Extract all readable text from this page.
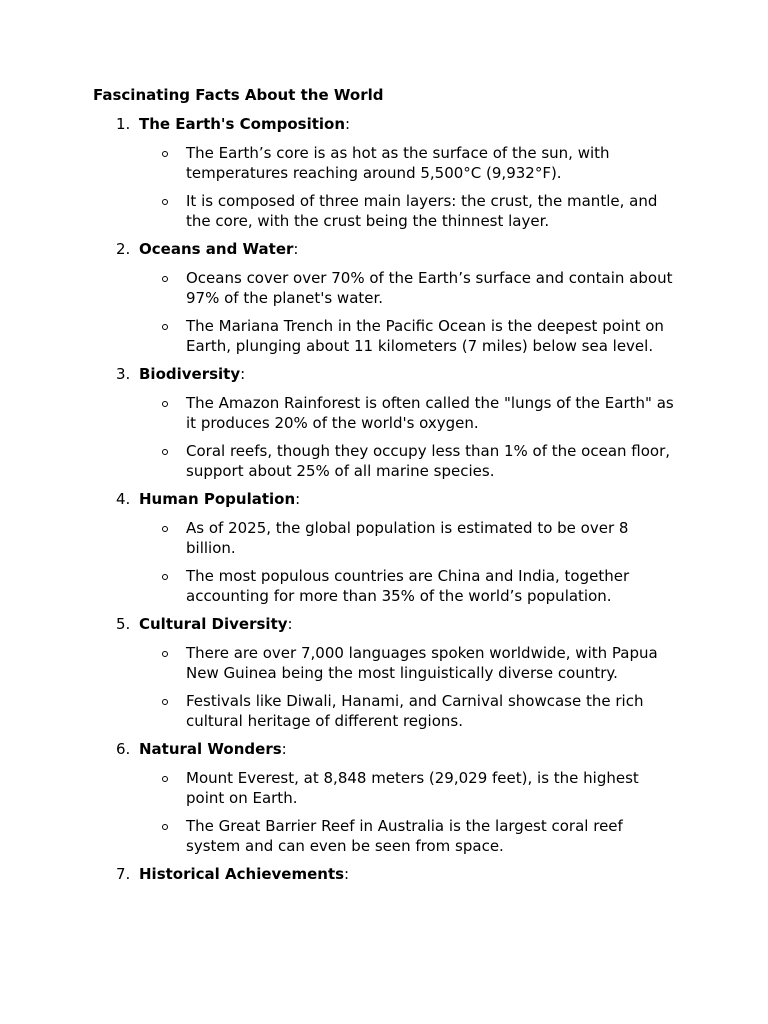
Fascinating Facts About the World

1. The Earth's Composition:
The Earth’s core is as hot as the surface of the sun, with temperatures reaching around 5,500°C (9,932°F).
It is composed of three main layers: the crust, the mantle, and the core, with the crust being the thinnest layer.
2. Oceans and Water:
Oceans cover over 70% of the Earth’s surface and contain about 97% of the planet's water.
The Mariana Trench in the Pacific Ocean is the deepest point on Earth, plunging about 11 kilometers (7 miles) below sea level.
3. Biodiversity:
The Amazon Rainforest is often called the "lungs of the Earth" as it produces 20% of the world's oxygen.
Coral reefs, though they occupy less than 1% of the ocean floor, support about 25% of all marine species.
4. Human Population:
As of 2025, the global population is estimated to be over 8 billion.
The most populous countries are China and India, together accounting for more than 35% of the world’s population.
5. Cultural Diversity:
There are over 7,000 languages spoken worldwide, with Papua New Guinea being the most linguistically diverse country.
Festivals like Diwali, Hanami, and Carnival showcase the rich cultural heritage of different regions.
6. Natural Wonders:
Mount Everest, at 8,848 meters (29,029 feet), is the highest point on Earth.
The Great Barrier Reef in Australia is the largest coral reef system and can even be seen from space.
7. Historical Achievements:
